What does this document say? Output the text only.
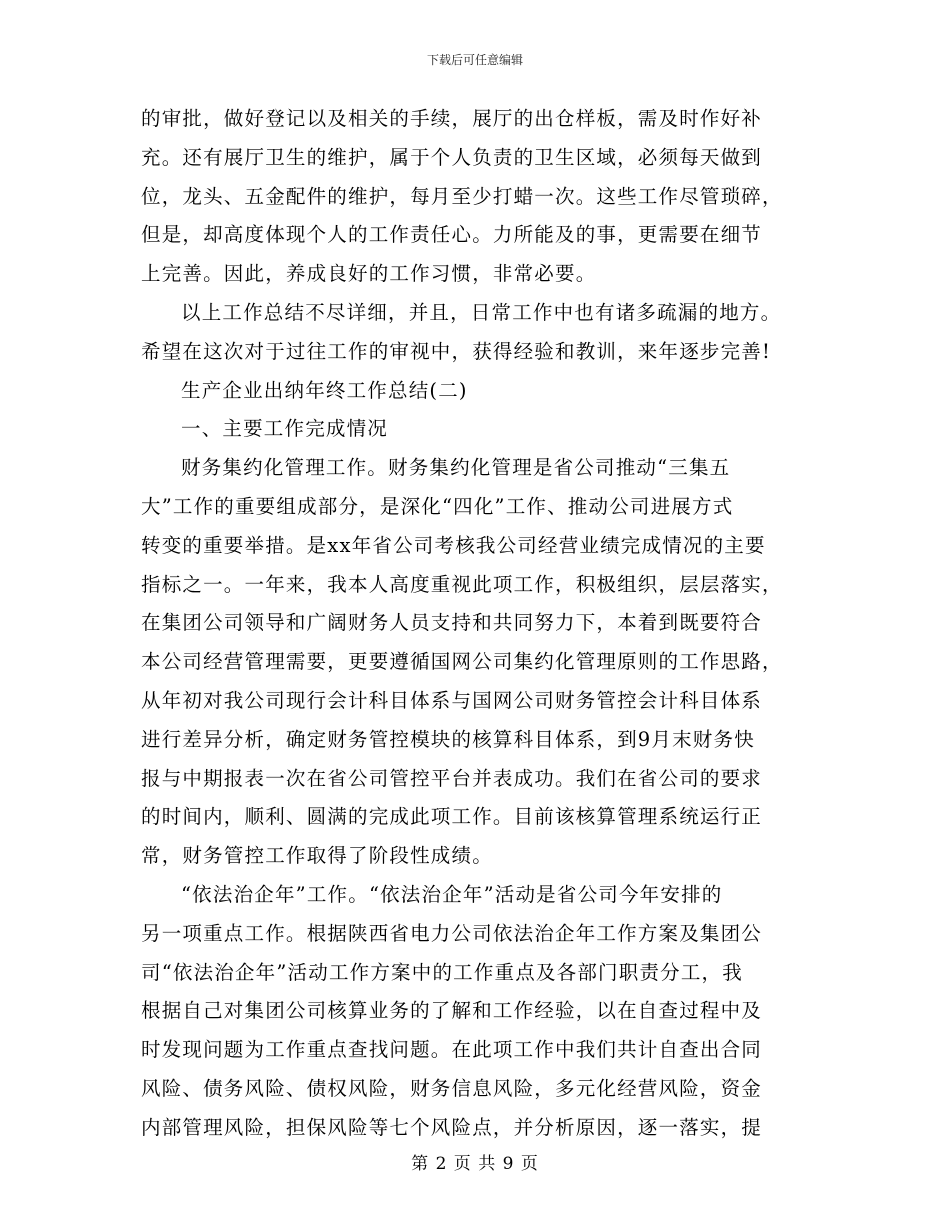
下载后可任意编辑
的审批，做好登记以及相关的手续，展厅的出仓样板，需及时作好补
充。还有展厅卫生的维护，属于个人负责的卫生区域，必须每天做到
位，龙头、五金配件的维护，每月至少打蜡一次。这些工作尽管琐碎，
但是，却高度体现个人的工作责任心。力所能及的事，更需要在细节
上完善。因此，养成良好的工作习惯，非常必要。
以上工作总结不尽详细，并且，日常工作中也有诸多疏漏的地方。
希望在这次对于过往工作的审视中，获得经验和教训，来年逐步完善!
生产企业出纳年终工作总结(二)
一、主要工作完成情况
财务集约化管理工作。财务集约化管理是省公司推动“三集五
大”工作的重要组成部分，是深化“四化”工作、推动公司进展方式
转变的重要举措。是xx年省公司考核我公司经营业绩完成情况的主要
指标之一。一年来，我本人高度重视此项工作，积极组织，层层落实，
在集团公司领导和广阔财务人员支持和共同努力下，本着到既要符合
本公司经营管理需要，更要遵循国网公司集约化管理原则的工作思路，
从年初对我公司现行会计科目体系与国网公司财务管控会计科目体系
进行差异分析，确定财务管控模块的核算科目体系，到9月末财务快
报与中期报表一次在省公司管控平台并表成功。我们在省公司的要求
的时间内，顺利、圆满的完成此项工作。目前该核算管理系统运行正
常，财务管控工作取得了阶段性成绩。
“依法治企年”工作。“依法治企年”活动是省公司今年安排的
另一项重点工作。根据陕西省电力公司依法治企年工作方案及集团公
司“依法治企年”活动工作方案中的工作重点及各部门职责分工，我
根据自己对集团公司核算业务的了解和工作经验，以在自查过程中及
时发现问题为工作重点查找问题。在此项工作中我们共计自查出合同
风险、债务风险、债权风险，财务信息风险，多元化经营风险，资金
内部管理风险，担保风险等七个风险点，并分析原因，逐一落实，提
第 2 页 共 9 页
